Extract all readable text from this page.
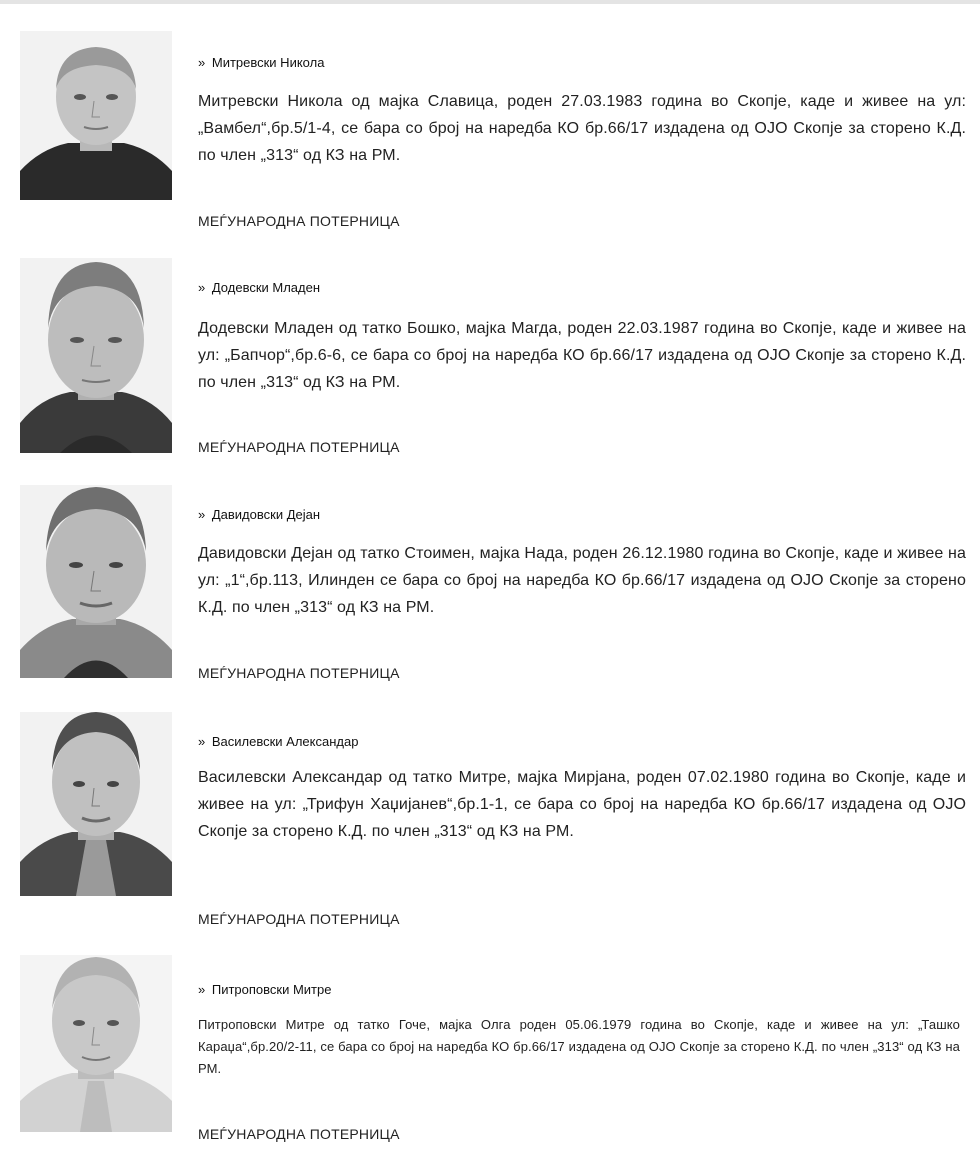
» Митревски Никола
Митревски Никола од мајка Славица, роден 27.03.1983 година во Скопје, каде и живее на ул: „Вамбел“,бр.5/1-4, се бара со број на наредба КО бр.66/17 издадена од ОЈО Скопје за сторено К.Д. по член „313“ од КЗ на РМ.
МЕЃУНАРОДНА ПОТЕРНИЦА
» Додевски Младен
Додевски Младен од татко Бошко, мајка Магда, роден 22.03.1987 година во Скопје, каде и живее на ул: „Бапчор“,бр.6-6, се бара со број на наредба КО бр.66/17 издадена од ОЈО Скопје за сторено К.Д. по член „313“ од КЗ на РМ.
МЕЃУНАРОДНА ПОТЕРНИЦА
» Давидовски Дејан
Давидовски Дејан од татко Стоимен, мајка Нада, роден 26.12.1980 година во Скопје, каде и живее на ул: „1“,бр.113, Илинден се бара со број на наредба КО бр.66/17 издадена од ОЈО Скопје за сторено К.Д. по член „313“ од КЗ на РМ.
МЕЃУНАРОДНА ПОТЕРНИЦА
» Василевски Александар
Василевски Александар од татко Митре, мајка Мирјана, роден 07.02.1980 година во Скопје, каде и живее на ул: „Трифун Хаџијанев“,бр.1-1, се бара со број на наредба КО бр.66/17 издадена од ОЈО Скопје за сторено К.Д. по член „313“ од КЗ на РМ.
МЕЃУНАРОДНА ПОТЕРНИЦА
» Питроповски Митре
Питроповски Митре од татко Гоче, мајка Олга роден 05.06.1979 година во Скопје, каде и живее на ул: „Ташко Караџа“,бр.20/2-11, се бара со број на наредба КО бр.66/17 издадена од ОЈО Скопје за сторено К.Д. по член „313“ од КЗ на РМ.
МЕЃУНАРОДНА ПОТЕРНИЦА
